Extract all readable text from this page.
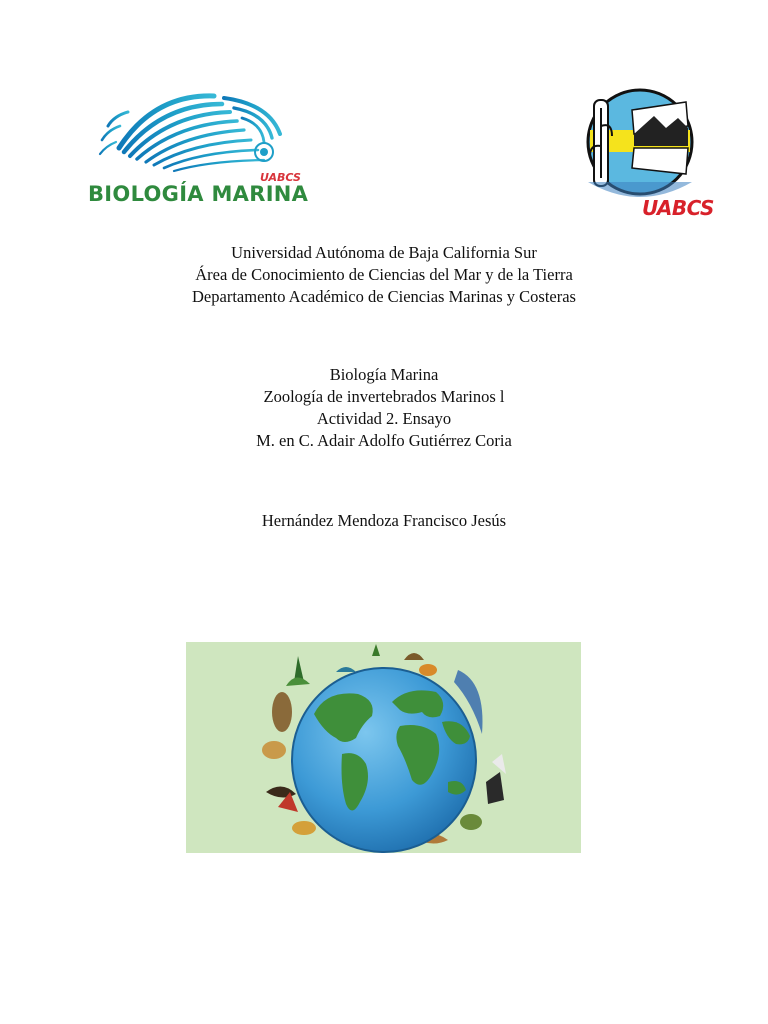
UABCS
BIOLOGÍA MARINA
UABCS
Universidad Autónoma de Baja California Sur
Área de Conocimiento de Ciencias del Mar y de la Tierra
Departamento Académico de Ciencias Marinas y Costeras
Biología Marina
Zoología de invertebrados Marinos l
Actividad 2. Ensayo
M. en C. Adair Adolfo Gutiérrez Coria
Hernández Mendoza Francisco Jesús
